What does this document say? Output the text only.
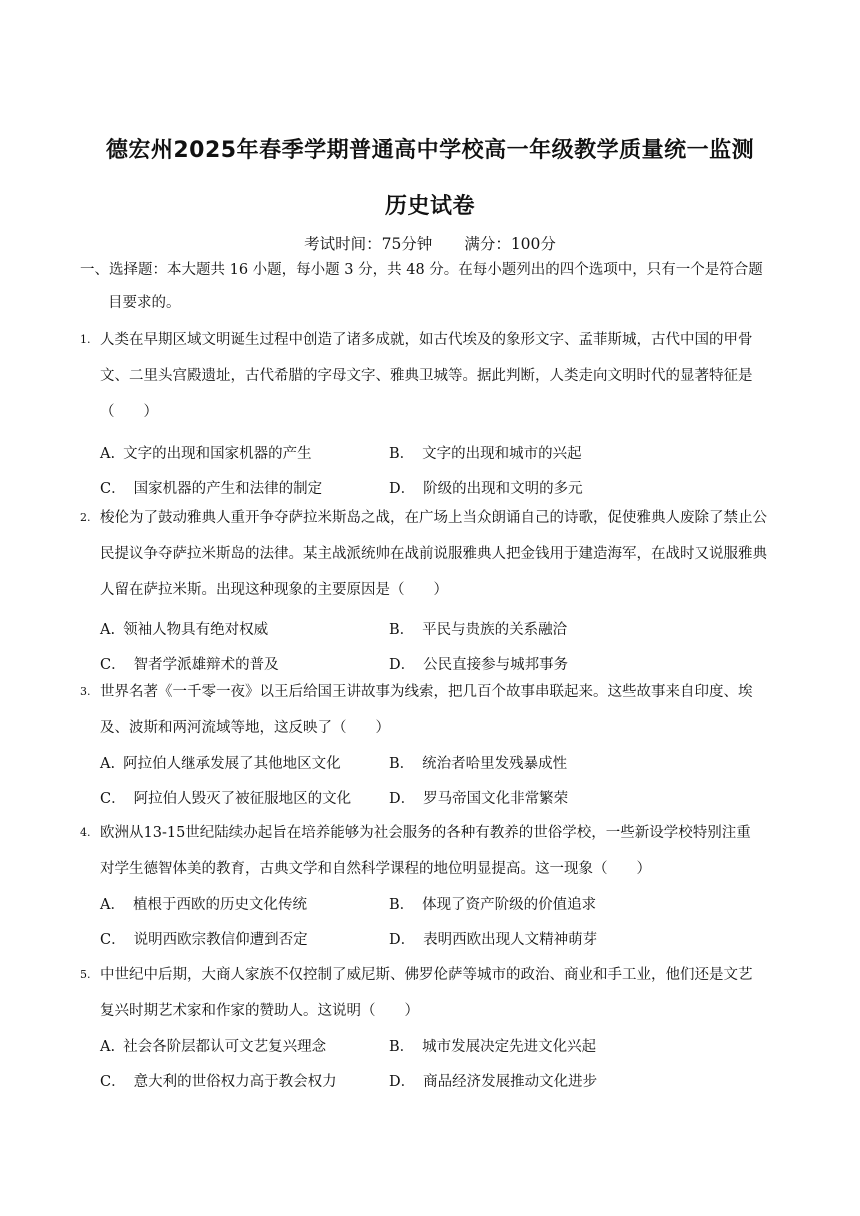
德宏州2025年春季学期普通高中学校高一年级教学质量统一监测
历史试卷
考试时间：75分钟 满分：100分
一、选择题：本大题共 16 小题，每小题 3 分，共 48 分。在每小题列出的四个选项中，只有一个是符合题
目要求的。
1. 人类在早期区域文明诞生过程中创造了诸多成就，如古代埃及的象形文字、孟菲斯城，古代中国的甲骨
文、二里头宫殿遗址，古代希腊的字母文字、雅典卫城等。据此判断，人类走向文明时代的显著特征是
（　　）
A. 文字的出现和国家机器的产生	B． 文字的出现和城市的兴起
C． 国家机器的产生和法律的制定	D． 阶级的出现和文明的多元
2. 梭伦为了鼓动雅典人重开争夺萨拉米斯岛之战，在广场上当众朗诵自己的诗歌，促使雅典人废除了禁止公
民提议争夺萨拉米斯岛的法律。某主战派统帅在战前说服雅典人把金钱用于建造海军，在战时又说服雅典
人留在萨拉米斯。出现这种现象的主要原因是（　　）
A. 领袖人物具有绝对权威	B． 平民与贵族的关系融洽
C． 智者学派雄辩术的普及	D． 公民直接参与城邦事务
3. 世界名著《一千零一夜》以王后给国王讲故事为线索，把几百个故事串联起来。这些故事来自印度、埃
及、波斯和两河流域等地，这反映了（　　）
A. 阿拉伯人继承发展了其他地区文化	B． 统治者哈里发残暴成性
C． 阿拉伯人毁灭了被征服地区的文化	D． 罗马帝国文化非常繁荣
4. 欧洲从13-15世纪陆续办起旨在培养能够为社会服务的各种有教养的世俗学校，一些新设学校特别注重
对学生德智体美的教育，古典文学和自然科学课程的地位明显提高。这一现象（　　）
A． 植根于西欧的历史文化传统	B． 体现了资产阶级的价值追求
C． 说明西欧宗教信仰遭到否定	D． 表明西欧出现人文精神萌芽
5. 中世纪中后期，大商人家族不仅控制了威尼斯、佛罗伦萨等城市的政治、商业和手工业，他们还是文艺
复兴时期艺术家和作家的赞助人。这说明（　　）
A. 社会各阶层都认可文艺复兴理念	B． 城市发展决定先进文化兴起
C． 意大利的世俗权力高于教会权力	D． 商品经济发展推动文化进步
